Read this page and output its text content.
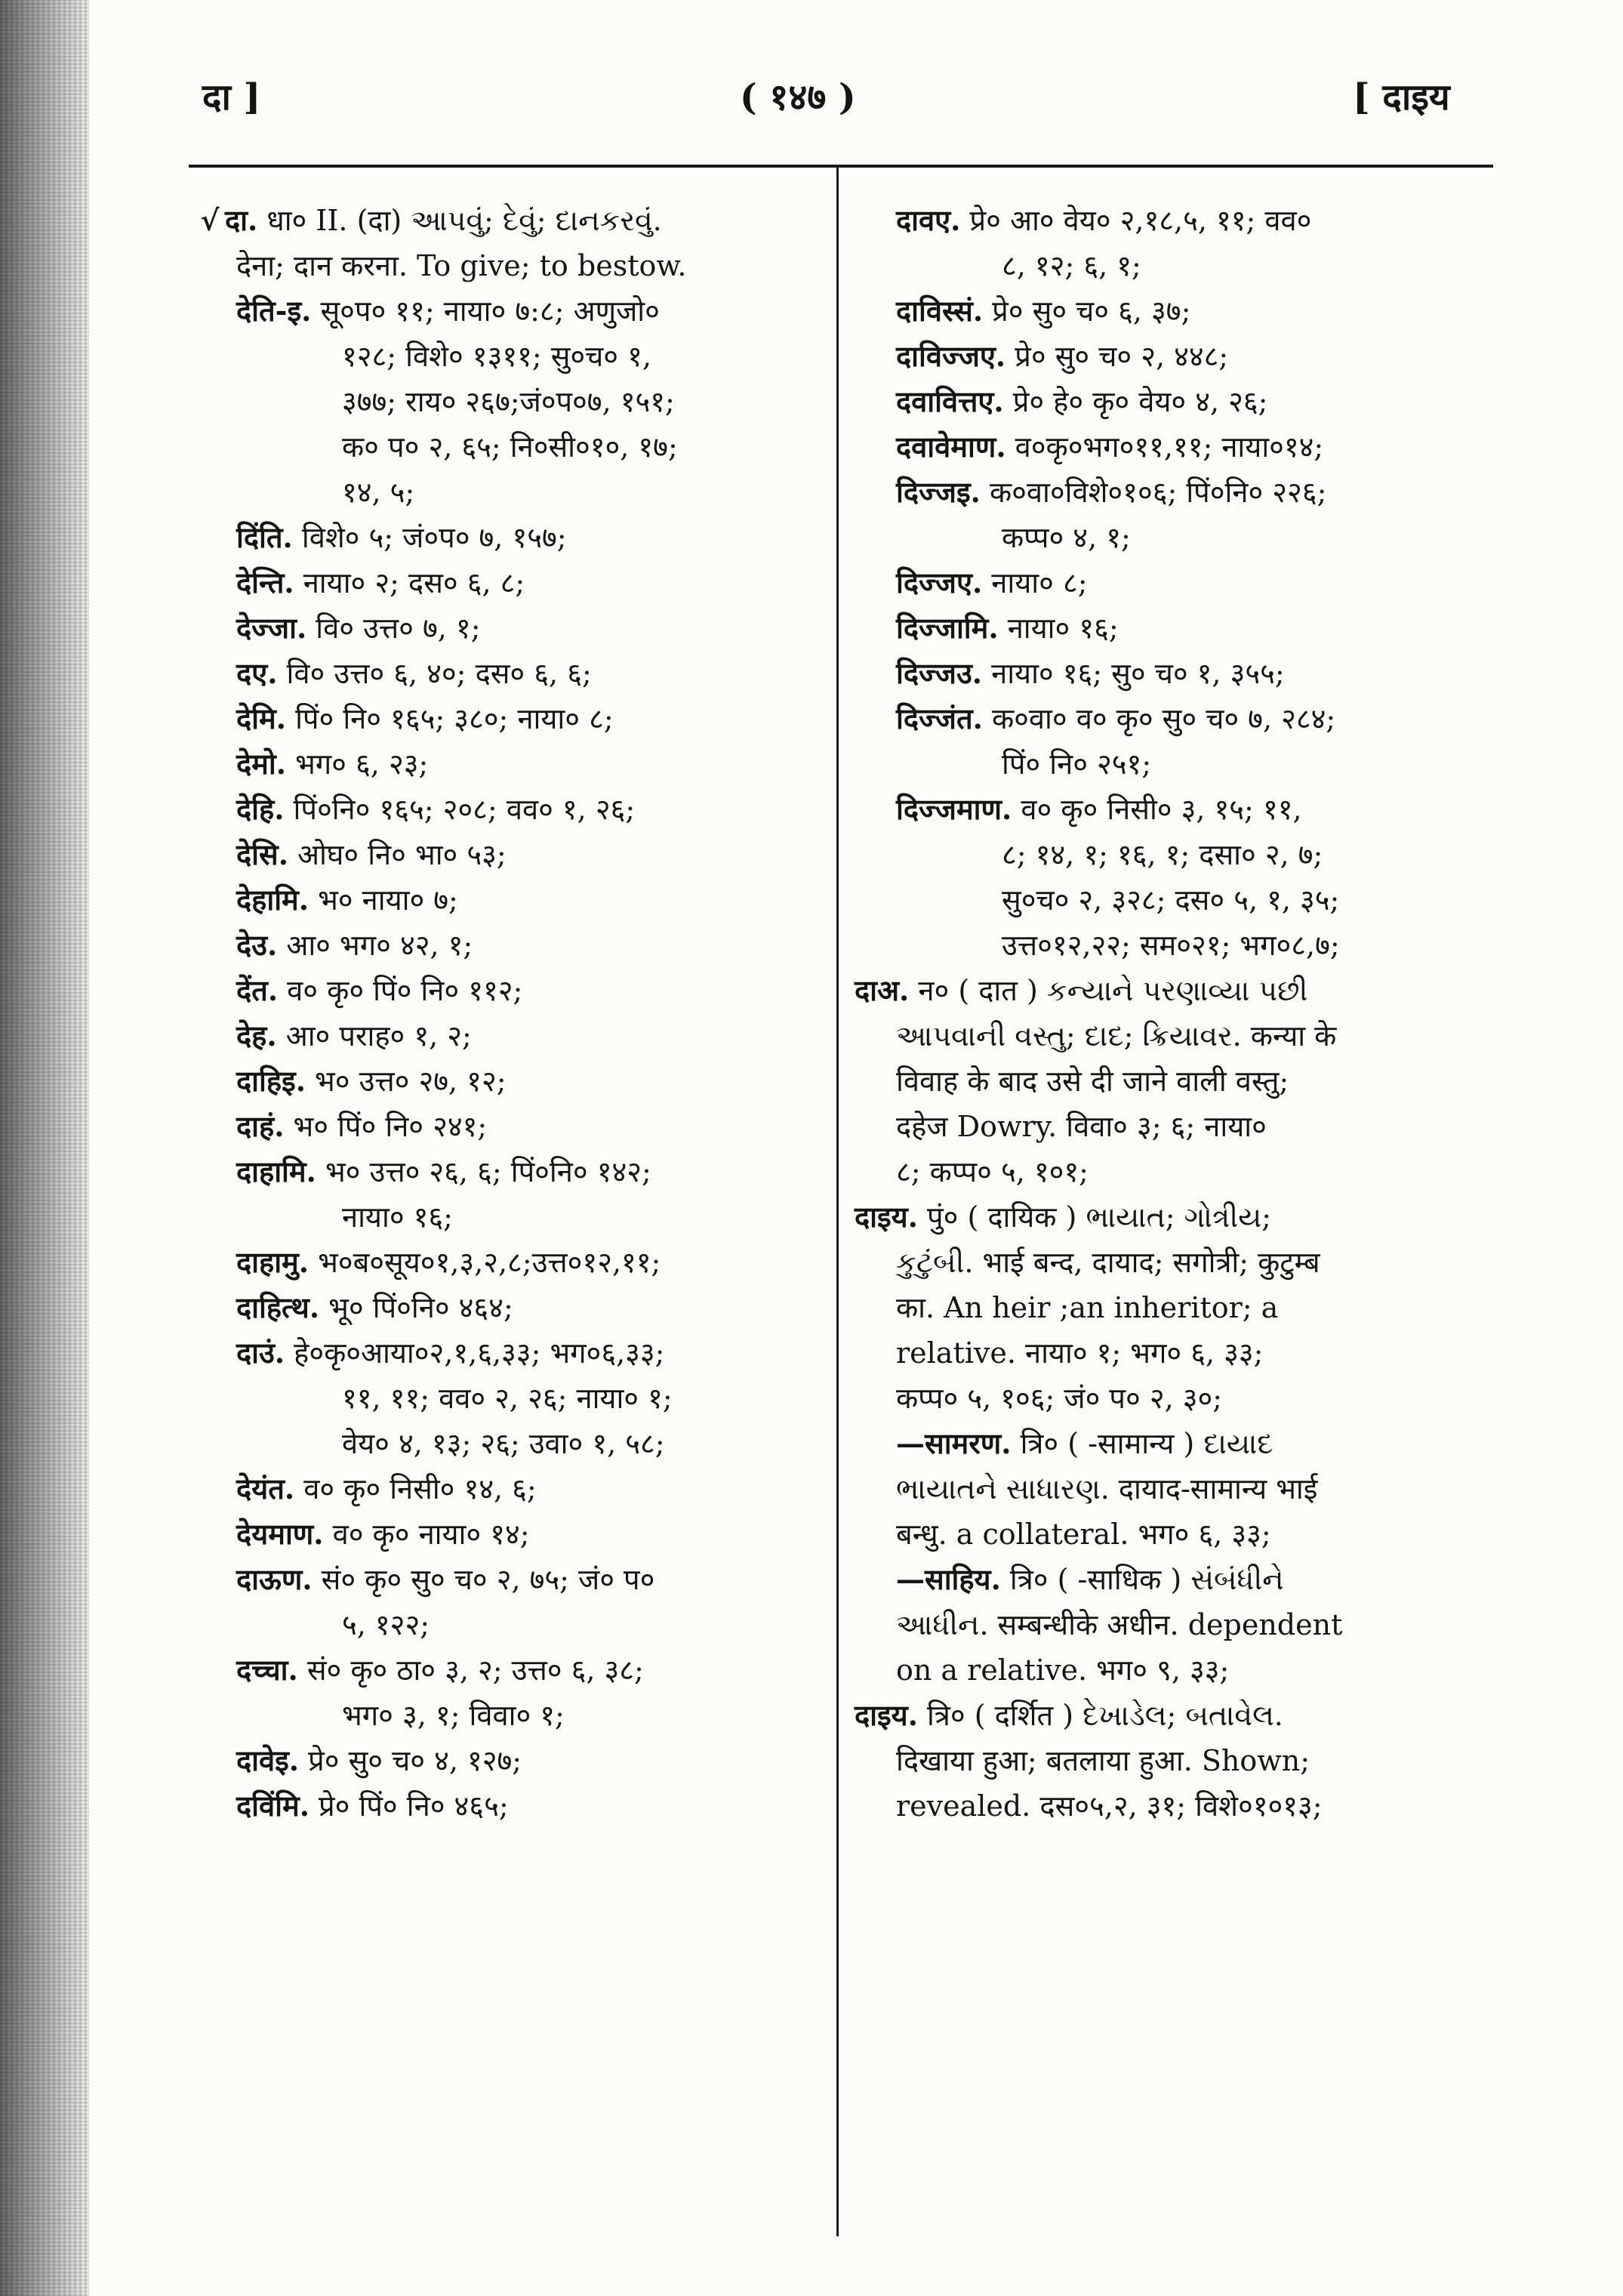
दा ]	( १४७ )	[ दाइय
√ दा. धा० II. (दा) આપવું; દેવું; દાનકરવું.
देना; दान करना. To give; to bestow.
देति-इ. सू०प० ११; नाया० ७:८; अणुजो०
१२८; विशे० १३११; सु०च० १,
३७७; राय० २६७;जं०प०७, १५१;
क० प० २, ६५; नि०सी०१०, १७;
१४, ५;
दिंति. विशे० ५; जं०प० ७, १५७;
देन्ति. नाया० २; दस० ६, ८;
देज्जा. वि० उत्त० ७, १;
दए. वि० उत्त० ६, ४०; दस० ६, ६;
देमि. पिं० नि० १६५; ३८०; नाया० ८;
देमो. भग० ६, २३;
देहि. पिं०नि० १६५; २०८; वव० १, २६;
देसि. ओघ० नि० भा० ५३;
देहामि. भ० नाया० ७;
देउ. आ० भग० ४२, १;
देंत. व० कृ० पिं० नि० ११२;
देह. आ० पराह० १, २;
दाहिइ. भ० उत्त० २७, १२;
दाहं. भ० पिं० नि० २४१;
दाहामि. भ० उत्त० २६, ६; पिं०नि० १४२;
नाया० १६;
दाहामु. भ०ब०सूय०१,३,२,८;उत्त०१२,११;
दाहित्थ. भू० पिं०नि० ४६४;
दाउं. हे०कृ०आया०२,१,६,३३; भग०६,३३;
११, ११; वव० २, २६; नाया० १;
वेय० ४, १३; २६; उवा० १, ५८;
देयंत. व० कृ० निसी० १४, ६;
देयमाण. व० कृ० नाया० १४;
दाऊण. सं० कृ० सु० च० २, ७५; जं० प०
५, १२२;
दच्चा. सं० कृ० ठा० ३, २; उत्त० ६, ३८;
भग० ३, १; विवा० १;
दावेइ. प्रे० सु० च० ४, १२७;
दविंमि. प्रे० पिं० नि० ४६५;
दावए. प्रे० आ० वेय० २,१८,५, ११; वव०
८, १२; ६, १;
दाविस्सं. प्रे० सु० च० ६, ३७;
दाविज्जए. प्रे० सु० च० २, ४४८;
दवावित्तए. प्रे० हे० कृ० वेय० ४, २६;
दवावेमाण. व०कृ०भग०११,११; नाया०१४;
दिज्जइ. क०वा०विशे०१०६; पिं०नि० २२६;
कप्प० ४, १;
दिज्जए. नाया० ८;
दिज्जामि. नाया० १६;
दिज्जउ. नाया० १६; सु० च० १, ३५५;
दिज्जंत. क०वा० व० कृ० सु० च० ७, २८४;
पिं० नि० २५१;
दिज्जमाण. व० कृ० निसी० ३, १५; ११,
८; १४, १; १६, १; दसा० २, ७;
सु०च० २, ३२८; दस० ५, १, ३५;
उत्त०१२,२२; सम०२१; भग०८,७;
दाअ. न० ( दात ) કન્યાને પરણાવ્યા પછી
આપવાની વસ્તુ; દાદ; ક્રિયાવર. कन्या के
विवाह के बाद उसे दी जाने वाली वस्तु;
दहेज Dowry. विवा० ३; ६; नाया०
८; कप्प० ५, १०१;
दाइय. पुं० ( दायिक ) ભાયાત; ગોત્રીય;
કુટુંબી. भाई बन्द, दायाद; सगोत्री; कुटुम्ब
का. An heir ;an inheritor; a
relative. नाया० १; भग० ६, ३३;
कप्प० ५, १०६; जं० प० २, ३०;
—सामरण. त्रि० ( -सामान्य ) દાયાદ
ભાયાતને સાધારણ. दायाद-सामान्य भाई
बन्धु. a collateral. भग० ६, ३३;
—साहिय. त्रि० ( -साधिक ) સંબંધીને
આધીન. सम्बन्धीके अधीन. dependent
on a relative. भग० ९, ३३;
दाइय. त्रि० ( दर्शित ) દેખાડેલ; બતાવેલ.
दिखाया हुआ; बतलाया हुआ. Shown;
revealed. दस०५,२, ३१; विशे०१०१३;
